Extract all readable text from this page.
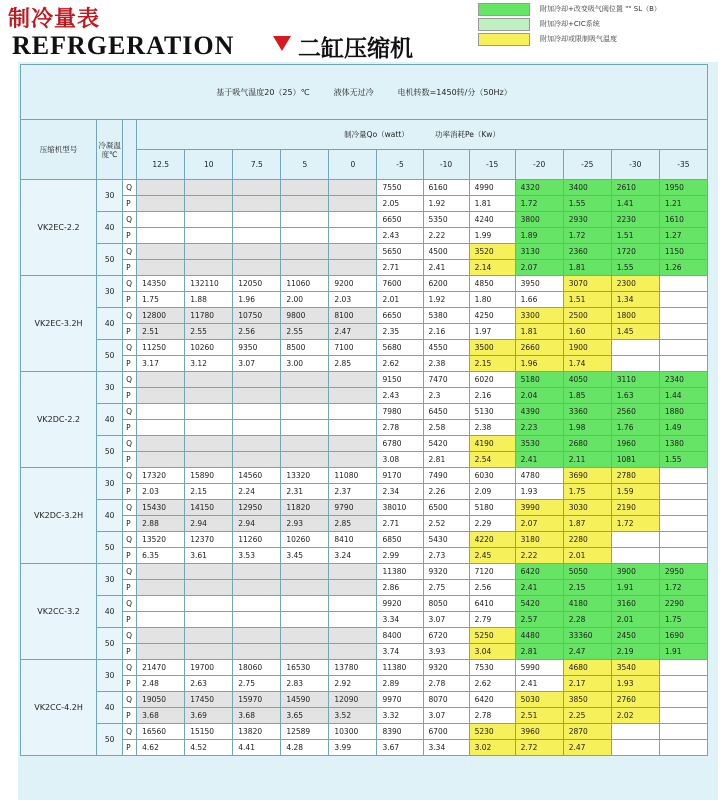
制冷量表
REFRGERATION	二缸压缩机
附加冷却+改变吸气阀位置 "" SL（B）
附加冷却+CIC系统
附加冷却或限制吸气温度
基于吸气温度20（25）℃　　　液体无过冷　　　电机转数=1450转/分（50Hz）														
压缩机型号	冷凝温度℃		制冷量Qo（watt）　　　　功率消耗Pe（Kw）											
			12.5	10	7.5	5	0	-5	-10	-15	-20	-25	-30	-35
VK2EC-2.2	30	Q						7550	6160	4990	4320	3400	2610	1950
		P						2.05	1.92	1.81	1.72	1.55	1.41	1.21
	40	Q						6650	5350	4240	3800	2930	2230	1610
		P						2.43	2.22	1.99	1.89	1.72	1.51	1.27
	50	Q						5650	4500	3520	3130	2360	1720	1150
		P						2.71	2.41	2.14	2.07	1.81	1.55	1.26
VK2EC-3.2H	30	Q	14350	132110	12050	11060	9200	7600	6200	4850	3950	3070	2300	
		P	1.75	1.88	1.96	2.00	2.03	2.01	1.92	1.80	1.66	1.51	1.34	
	40	Q	12800	11780	10750	9800	8100	6650	5380	4250	3300	2500	1800	
		P	2.51	2.55	2.56	2.55	2.47	2.35	2.16	1.97	1.81	1.60	1.45	
	50	Q	11250	10260	9350	8500	7100	5680	4550	3500	2660	1900		
		P	3.17	3.12	3.07	3.00	2.85	2.62	2.38	2.15	1.96	1.74		
VK2DC-2.2	30	Q						9150	7470	6020	5180	4050	3110	2340
		P						2.43	2.3	2.16	2.04	1.85	1.63	1.44
	40	Q						7980	6450	5130	4390	3360	2560	1880
		P						2.78	2.58	2.38	2.23	1.98	1.76	1.49
	50	Q						6780	5420	4190	3530	2680	1960	1380
		P						3.08	2.81	2.54	2.41	2.11	1081	1.55
VK2DC-3.2H	30	Q	17320	15890	14560	13320	11080	9170	7490	6030	4780	3690	2780	
		P	2.03	2.15	2.24	2.31	2.37	2.34	2.26	2.09	1.93	1.75	1.59	
	40	Q	15430	14150	12950	11820	9790	38010	6500	5180	3990	3030	2190	
		P	2.88	2.94	2.94	2.93	2.85	2.71	2.52	2.29	2.07	1.87	1.72	
	50	Q	13520	12370	11260	10260	8410	6850	5430	4220	3180	2280		
		P	6.35	3.61	3.53	3.45	3.24	2.99	2.73	2.45	2.22	2.01		
VK2CC-3.2	30	Q						11380	9320	7120	6420	5050	3900	2950
		P						2.86	2.75	2.56	2.41	2.15	1.91	1.72
	40	Q						9920	8050	6410	5420	4180	3160	2290
		P						3.34	3.07	2.79	2.57	2.28	2.01	1.75
	50	Q						8400	6720	5250	4480	33360	2450	1690
		P						3.74	3.93	3.04	2.81	2.47	2.19	1.91
VK2CC-4.2H	30	Q	21470	19700	18060	16530	13780	11380	9320	7530	5990	4680	3540	
		P	2.48	2.63	2.75	2.83	2.92	2.89	2.78	2.62	2.41	2.17	1.93	
	40	Q	19050	17450	15970	14590	12090	9970	8070	6420	5030	3850	2760	
		P	3.68	3.69	3.68	3.65	3.52	3.32	3.07	2.78	2.51	2.25	2.02	
	50	Q	16560	15150	13820	12589	10300	8390	6700	5230	3960	2870		
		P	4.62	4.52	4.41	4.28	3.99	3.67	3.34	3.02	2.72	2.47		
